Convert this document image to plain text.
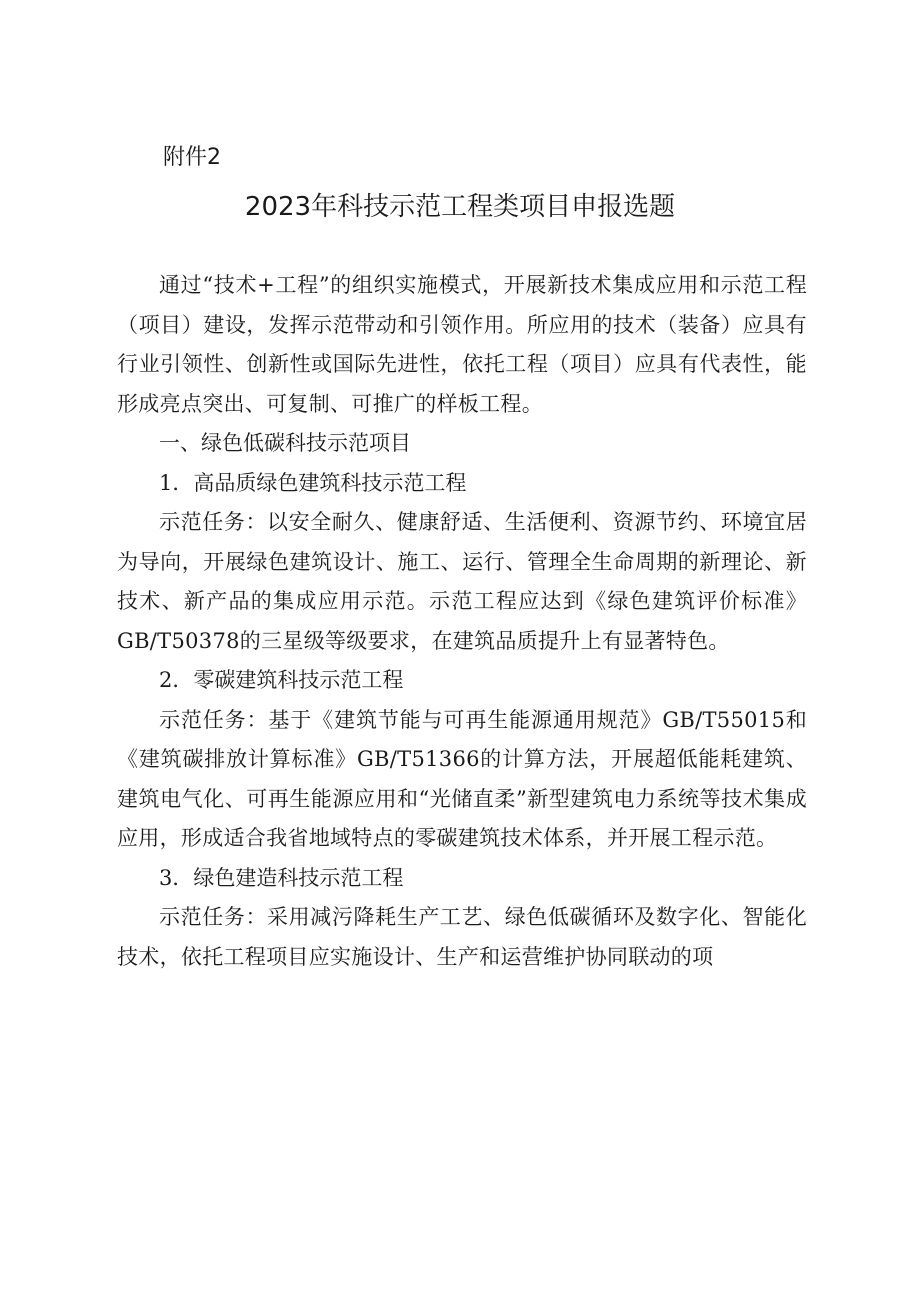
附件2
2023年科技示范工程类项目申报选题

通过“技术+工程”的组织实施模式，开展新技术集成应用和示范工程（项目）建设，发挥示范带动和引领作用。所应用的技术（装备）应具有行业引领性、创新性或国际先进性，依托工程（项目）应具有代表性，能形成亮点突出、可复制、可推广的样板工程。

一、绿色低碳科技示范项目

1．高品质绿色建筑科技示范工程

示范任务：以安全耐久、健康舒适、生活便利、资源节约、环境宜居为导向，开展绿色建筑设计、施工、运行、管理全生命周期的新理论、新技术、新产品的集成应用示范。示范工程应达到《绿色建筑评价标准》GB/T50378的三星级等级要求，在建筑品质提升上有显著特色。

2．零碳建筑科技示范工程

示范任务：基于《建筑节能与可再生能源通用规范》GB/T55015和《建筑碳排放计算标准》GB/T51366的计算方法，开展超低能耗建筑、建筑电气化、可再生能源应用和“光储直柔”新型建筑电力系统等技术集成应用，形成适合我省地域特点的零碳建筑技术体系，并开展工程示范。

3．绿色建造科技示范工程

示范任务：采用减污降耗生产工艺、绿色低碳循环及数字化、智能化技术，依托工程项目应实施设计、生产和运营维护协同联动的项
